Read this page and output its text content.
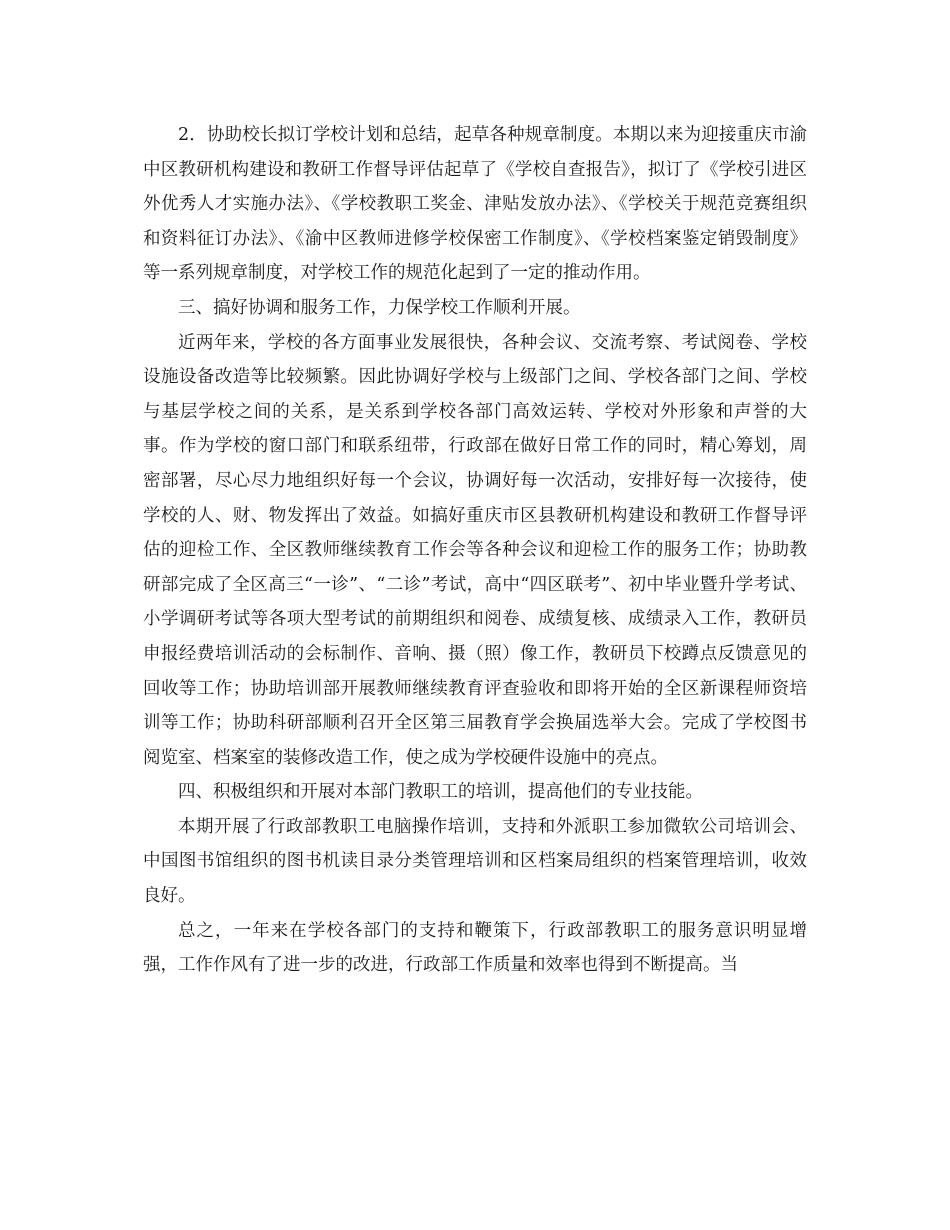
2．协助校长拟订学校计划和总结，起草各种规章制度。本期以来为迎接重庆市渝中区教研机构建设和教研工作督导评估起草了《学校自查报告》，拟订了《学校引进区外优秀人才实施办法》、《学校教职工奖金、津贴发放办法》、《学校关于规范竞赛组织和资料征订办法》、《渝中区教师进修学校保密工作制度》、《学校档案鉴定销毁制度》等一系列规章制度，对学校工作的规范化起到了一定的推动作用。

三、搞好协调和服务工作，力保学校工作顺利开展。

近两年来，学校的各方面事业发展很快，各种会议、交流考察、考试阅卷、学校设施设备改造等比较频繁。因此协调好学校与上级部门之间、学校各部门之间、学校与基层学校之间的关系，是关系到学校各部门高效运转、学校对外形象和声誉的大事。作为学校的窗口部门和联系纽带，行政部在做好日常工作的同时，精心筹划，周密部署，尽心尽力地组织好每一个会议，协调好每一次活动，安排好每一次接待，使学校的人、财、物发挥出了效益。如搞好重庆市区县教研机构建设和教研工作督导评估的迎检工作、全区教师继续教育工作会等各种会议和迎检工作的服务工作；协助教研部完成了全区高三“一诊”、“二诊”考试，高中“四区联考”、初中毕业暨升学考试、小学调研考试等各项大型考试的前期组织和阅卷、成绩复核、成绩录入工作，教研员申报经费培训活动的会标制作、音响、摄（照）像工作，教研员下校蹲点反馈意见的回收等工作；协助培训部开展教师继续教育评查验收和即将开始的全区新课程师资培训等工作；协助科研部顺利召开全区第三届教育学会换届选举大会。完成了学校图书阅览室、档案室的装修改造工作，使之成为学校硬件设施中的亮点。

四、积极组织和开展对本部门教职工的培训，提高他们的专业技能。

本期开展了行政部教职工电脑操作培训，支持和外派职工参加微软公司培训会、中国图书馆组织的图书机读目录分类管理培训和区档案局组织的档案管理培训，收效良好。

总之，一年来在学校各部门的支持和鞭策下，行政部教职工的服务意识明显增强，工作作风有了进一步的改进，行政部工作质量和效率也得到不断提高。当
